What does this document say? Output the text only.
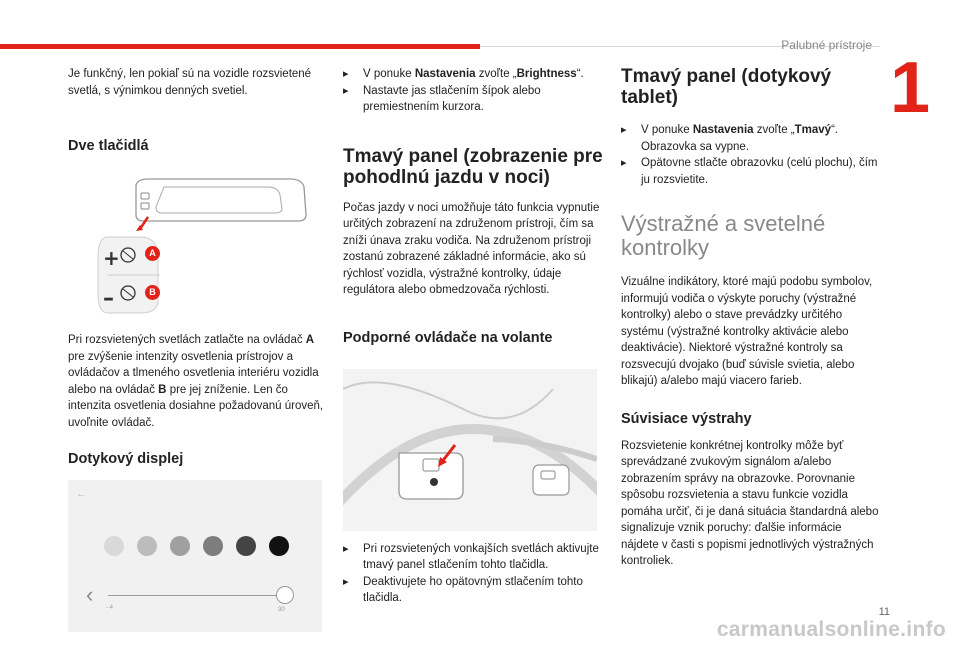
Palubné prístroje
1

Je funkčný, len pokiaľ sú na vozidle rozsvietené svetlá, s výnimkou denných svetiel.

Dve tlačidlá
+
–
A
B

Pri rozsvietených svetlách zatlačte na ovládač A pre zvýšenie intenzity osvetlenia prístrojov a ovládačov a tlmeného osvetlenia interiéru vozidla alebo na ovládač B pre jej zníženie. Len čo intenzita osvetlenia dosiahne požadovanú úroveň, uvoľnite ovládač.

Dotykový displej
←
‹
- 4	30
▸ V ponuke Nastavenia zvoľte „Brightness“.
▸ Nastavte jas stlačením šípok alebo premiestnením kurzora.
Tmavý panel (zobrazenie pre pohodlnú jazdu v noci)

Počas jazdy v noci umožňuje táto funkcia vypnutie určitých zobrazení na združenom prístroji, čím sa zníži únava zraku vodiča. Na združenom prístroji zostanú zobrazené základné informácie, ako sú rýchlosť vozidla, výstražné kontrolky, údaje regulátora alebo obmedzovača rýchlosti.

Podporné ovládače na volante
▸ Pri rozsvietených vonkajších svetlách aktivujte tmavý panel stlačením tohto tlačidla.
▸ Deaktivujete ho opätovným stlačením tohto tlačidla.
Tmavý panel (dotykový tablet)
▸ V ponuke Nastavenia zvoľte „Tmavý“. Obrazovka sa vypne.
▸ Opätovne stlačte obrazovku (celú plochu), čím ju rozsvietite.
Výstražné a svetelné kontrolky

Vizuálne indikátory, ktoré majú podobu symbolov, informujú vodiča o výskyte poruchy (výstražné kontrolky) alebo o stave prevádzky určitého systému (výstražné kontrolky aktivácie alebo deaktivácie). Niektoré výstražné kontroly sa rozsvecujú dvojako (buď súvisle svietia, alebo blikajú) a/alebo majú viacero farieb.

Súvisiace výstrahy

Rozsvietenie konkrétnej kontrolky môže byť sprevádzané zvukovým signálom a/alebo zobrazením správy na obrazovke. Porovnanie spôsobu rozsvietenia a stavu funkcie vozidla pomáha určiť, či je daná situácia štandardná alebo signalizuje vznik poruchy: ďalšie informácie nájdete v časti s popismi jednotlivých výstražných kontroliek.

11
carmanualsonline.info
